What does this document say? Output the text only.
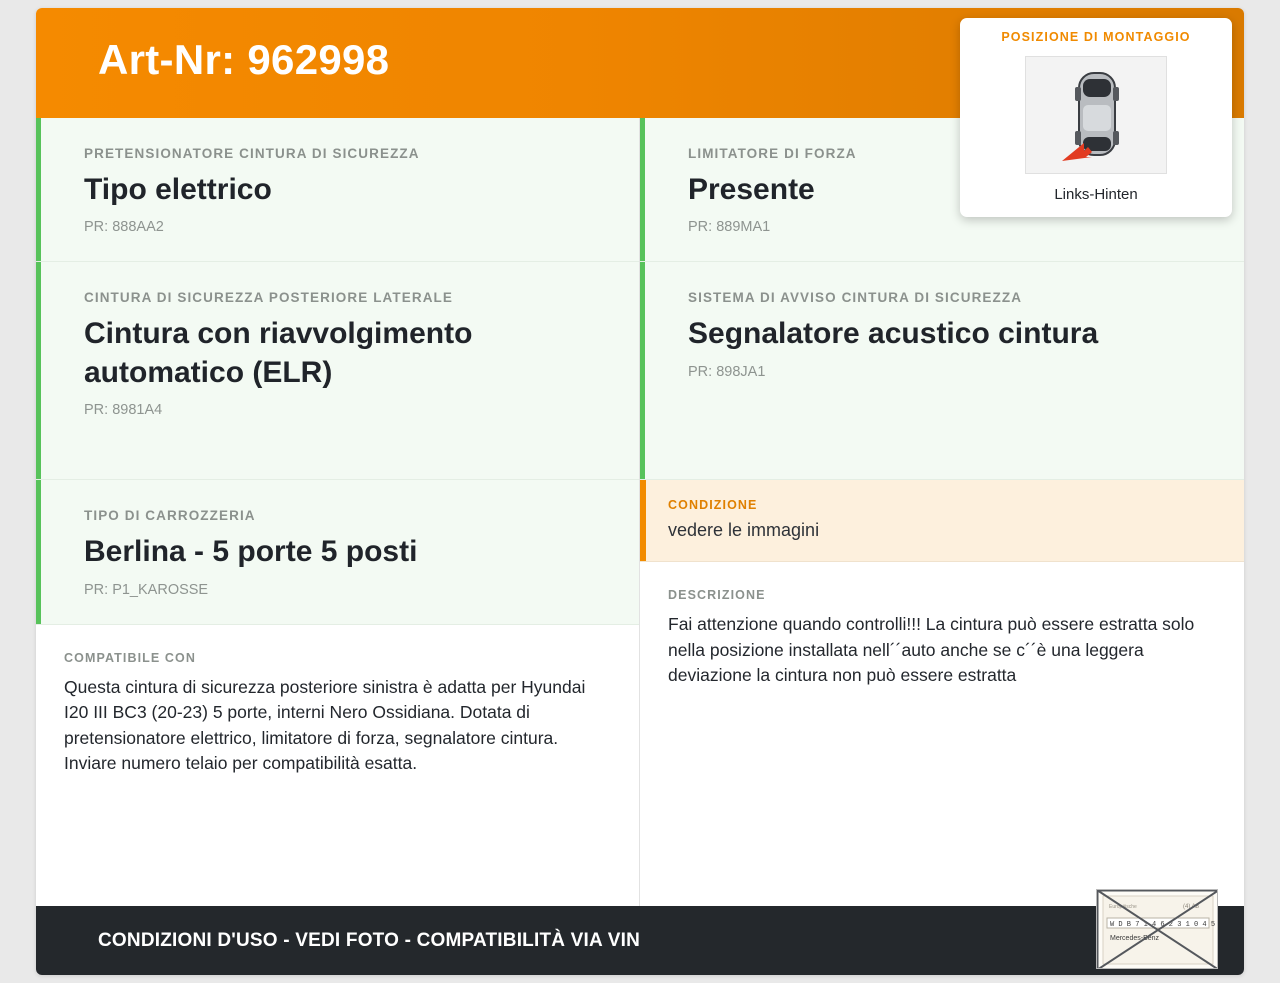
Art-Nr: 962998
PRETENSIONATORE CINTURA DI SICUREZZA
Tipo elettrico
PR: 888AA2
CINTURA DI SICUREZZA POSTERIORE LATERALE
Cintura con riavvolgimento automatico (ELR)
PR: 8981A4
TIPO DI CARROZZERIA
Berlina - 5 porte 5 posti
PR: P1_KAROSSE
COMPATIBILE CON
Questa cintura di sicurezza posteriore sinistra è adatta per Hyundai I20 III BC3 (20-23) 5 porte, interni Nero Ossidiana. Dotata di pretensionatore elettrico, limitatore di forza, segnalatore cintura. Inviare numero telaio per compatibilità esatta.
LIMITATORE DI FORZA
Presente
PR: 889MA1
SISTEMA DI AVVISO CINTURA DI SICUREZZA
Segnalatore acustico cintura
PR: 898JA1
CONDIZIONE
vedere le immagini
DESCRIZIONE
Fai attenzione quando controlli!!! La cintura può essere estratta solo nella posizione installata nell´´auto anche se c´´è una leggera deviazione la cintura non può essere estratta
POSIZIONE DI MONTAGGIO
Links-Hinten
CONDIZIONI D'USO - VEDI FOTO - COMPATIBILITÀ VIA VIN
Europäische	(4) A8
W D B 7 1 4 6 2 3 1 0 4 5
Mercedes-Benz
